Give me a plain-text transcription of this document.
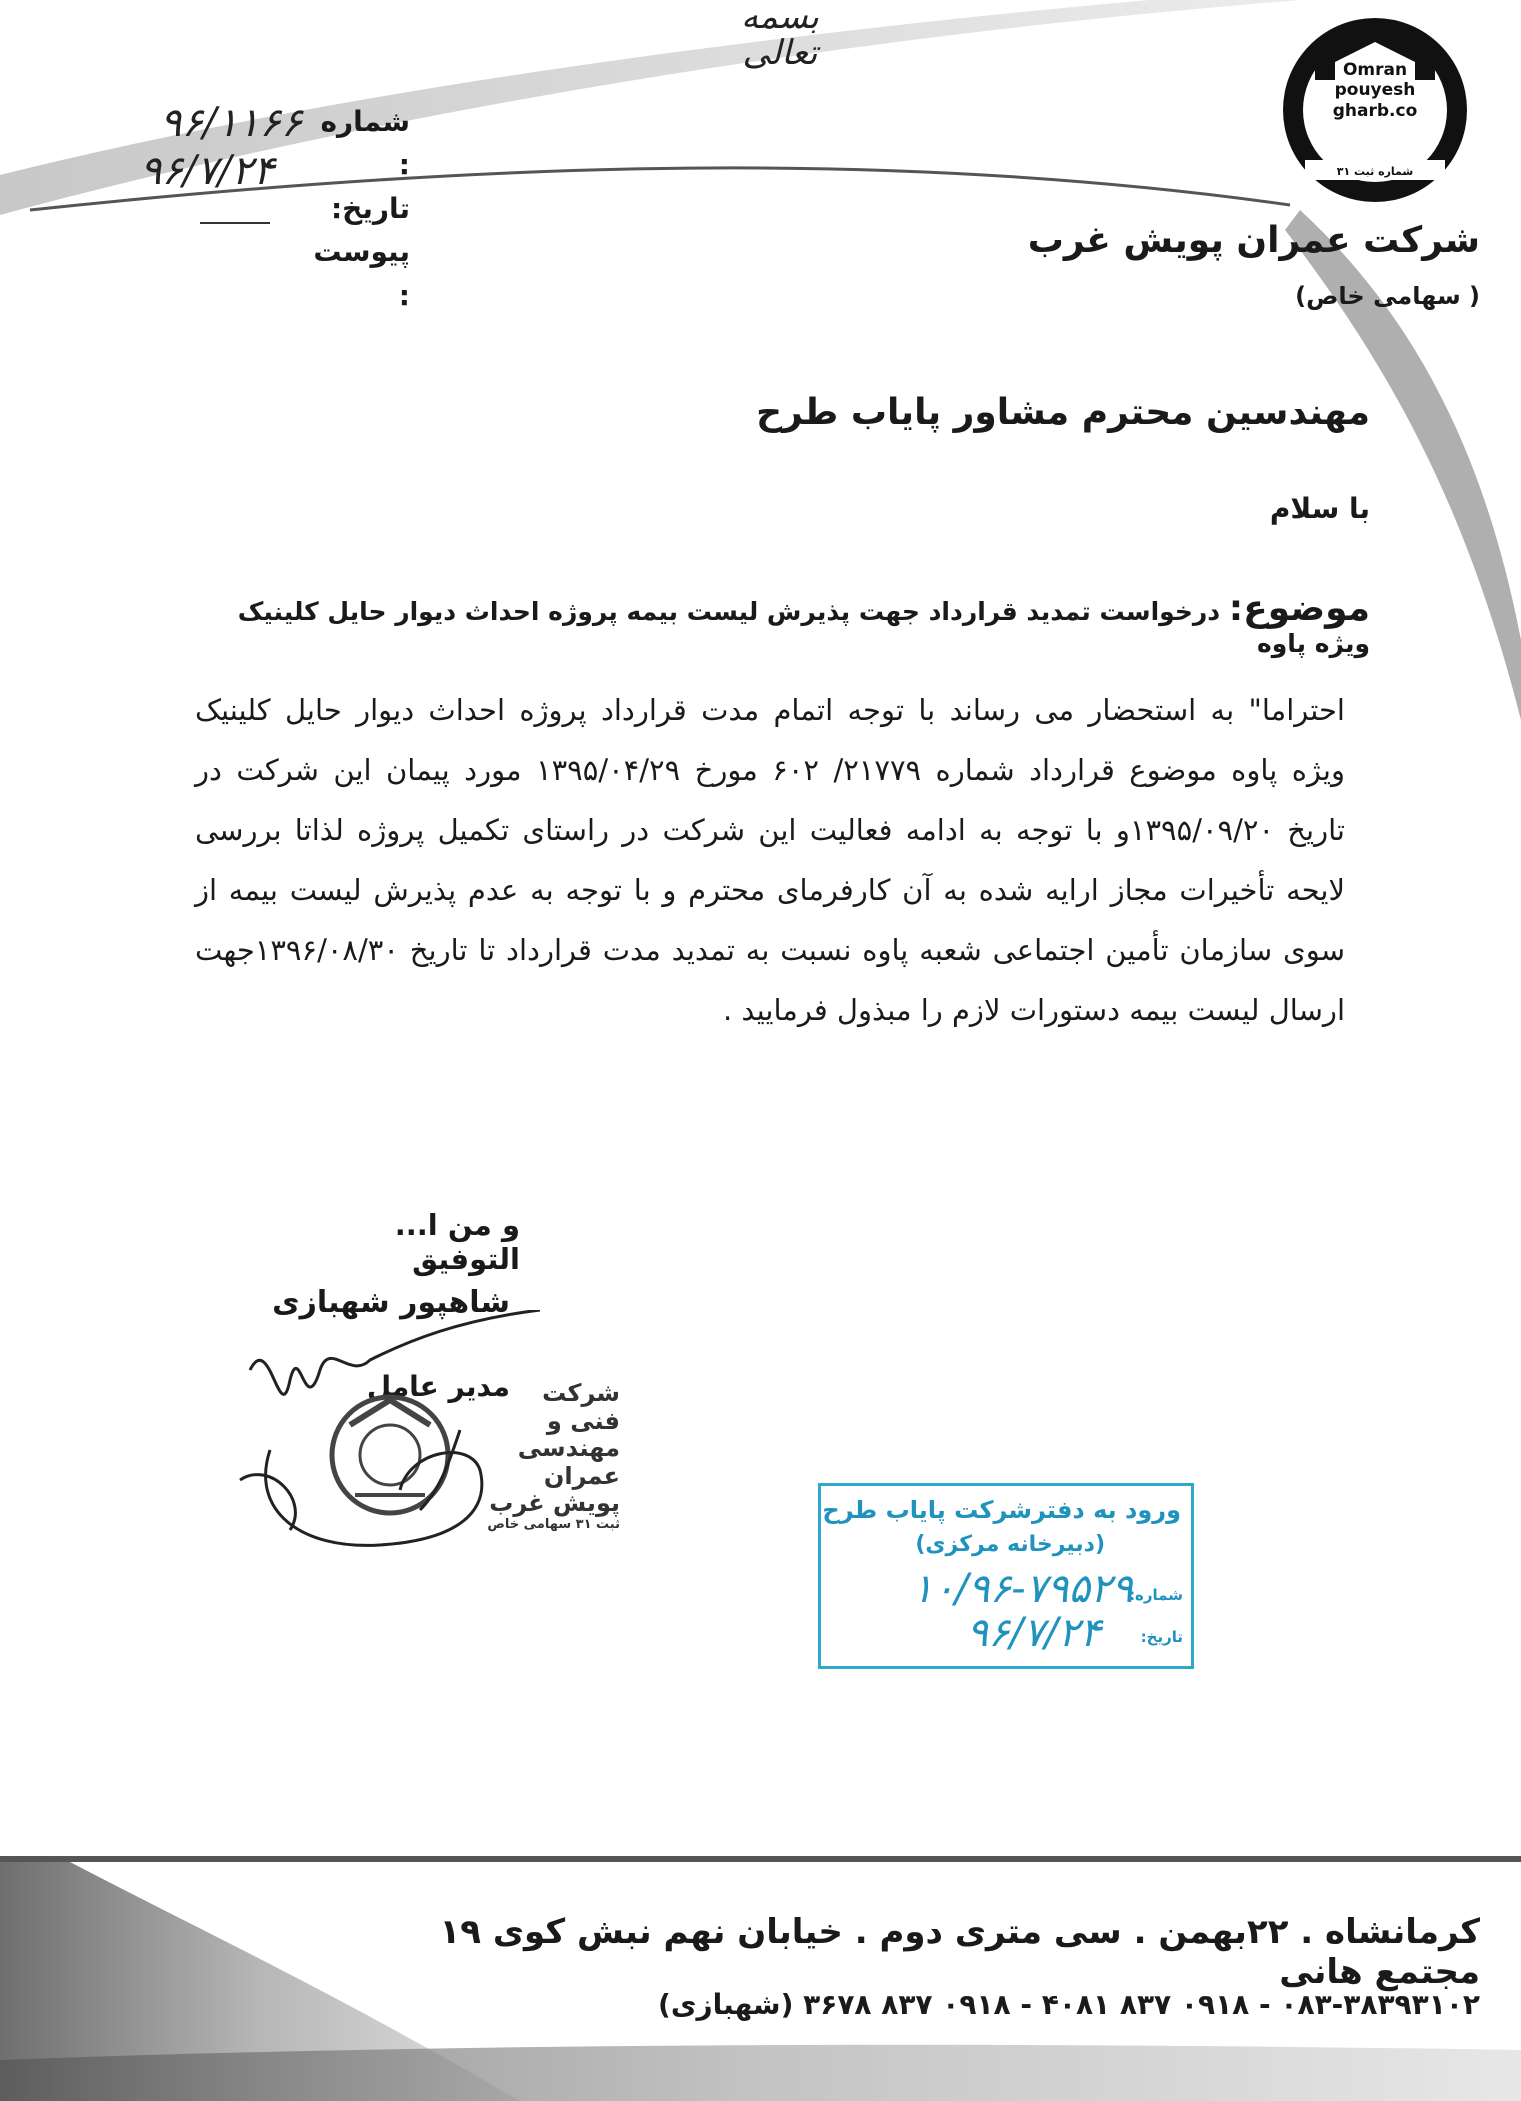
بسمه تعالی
شماره :
تاریخ:
پیوست :
۹۶/۱۱۶۶
۹۶/۷/۲۴
Omran
pouyesh
gharb.co
شماره ثبت ۳۱
شرکت عمران پویش غرب
( سهامی خاص)
مهندسین محترم مشاور پایاب طرح
با سلام
موضوع: درخواست تمدید قرارداد جهت پذیرش لیست بیمه پروژه احداث دیوار حایل کلینیک ویژه پاوه
احتراما" به استحضار می رساند با توجه اتمام مدت قرارداد پروژه احداث دیوار حایل کلینیک
ویژه پاوه موضوع قرارداد شماره ۲۱۷۷۹/ ۶۰۲ مورخ ۱۳۹۵/۰۴/۲۹ مورد پیمان این شرکت در
تاریخ ۱۳۹۵/۰۹/۲۰و با توجه به ادامه فعالیت این شرکت در راستای تکمیل پروژه لذاتا بررسی
لایحه تأخیرات مجاز ارایه شده به آن کارفرمای محترم و با توجه به عدم پذیرش لیست بیمه از
سوی سازمان تأمین اجتماعی شعبه پاوه نسبت به تمدید مدت قرارداد تا تاریخ ۱۳۹۶/۰۸/۳۰جهت
ارسال لیست بیمه دستورات لازم را مبذول فرمایید .
و من ا... التوفیق
شاهپور شهبازی
مدیر عامل	شرکت
فنی و مهندسی
عمران پویش غرب
ثبت ۳۱ سهامی خاص
ورود به دفترشرکت پایاب طرح
(دبیرخانه مرکزی)
شماره:
۱۰/۹۶-۷۹۵۲۹
تاریخ:
۹۶/۷/۲۴
کرمانشاه . ۲۲بهمن . سی متری دوم . خیابان نهم نبش کوی ۱۹ مجتمع هانی
۰۸۳-۳۸۳۹۳۱۰۲ - ۰۹۱۸ ۸۳۷ ۴۰۸۱ - ۰۹۱۸ ۸۳۷ ۳۶۷۸ (شهبازی)
